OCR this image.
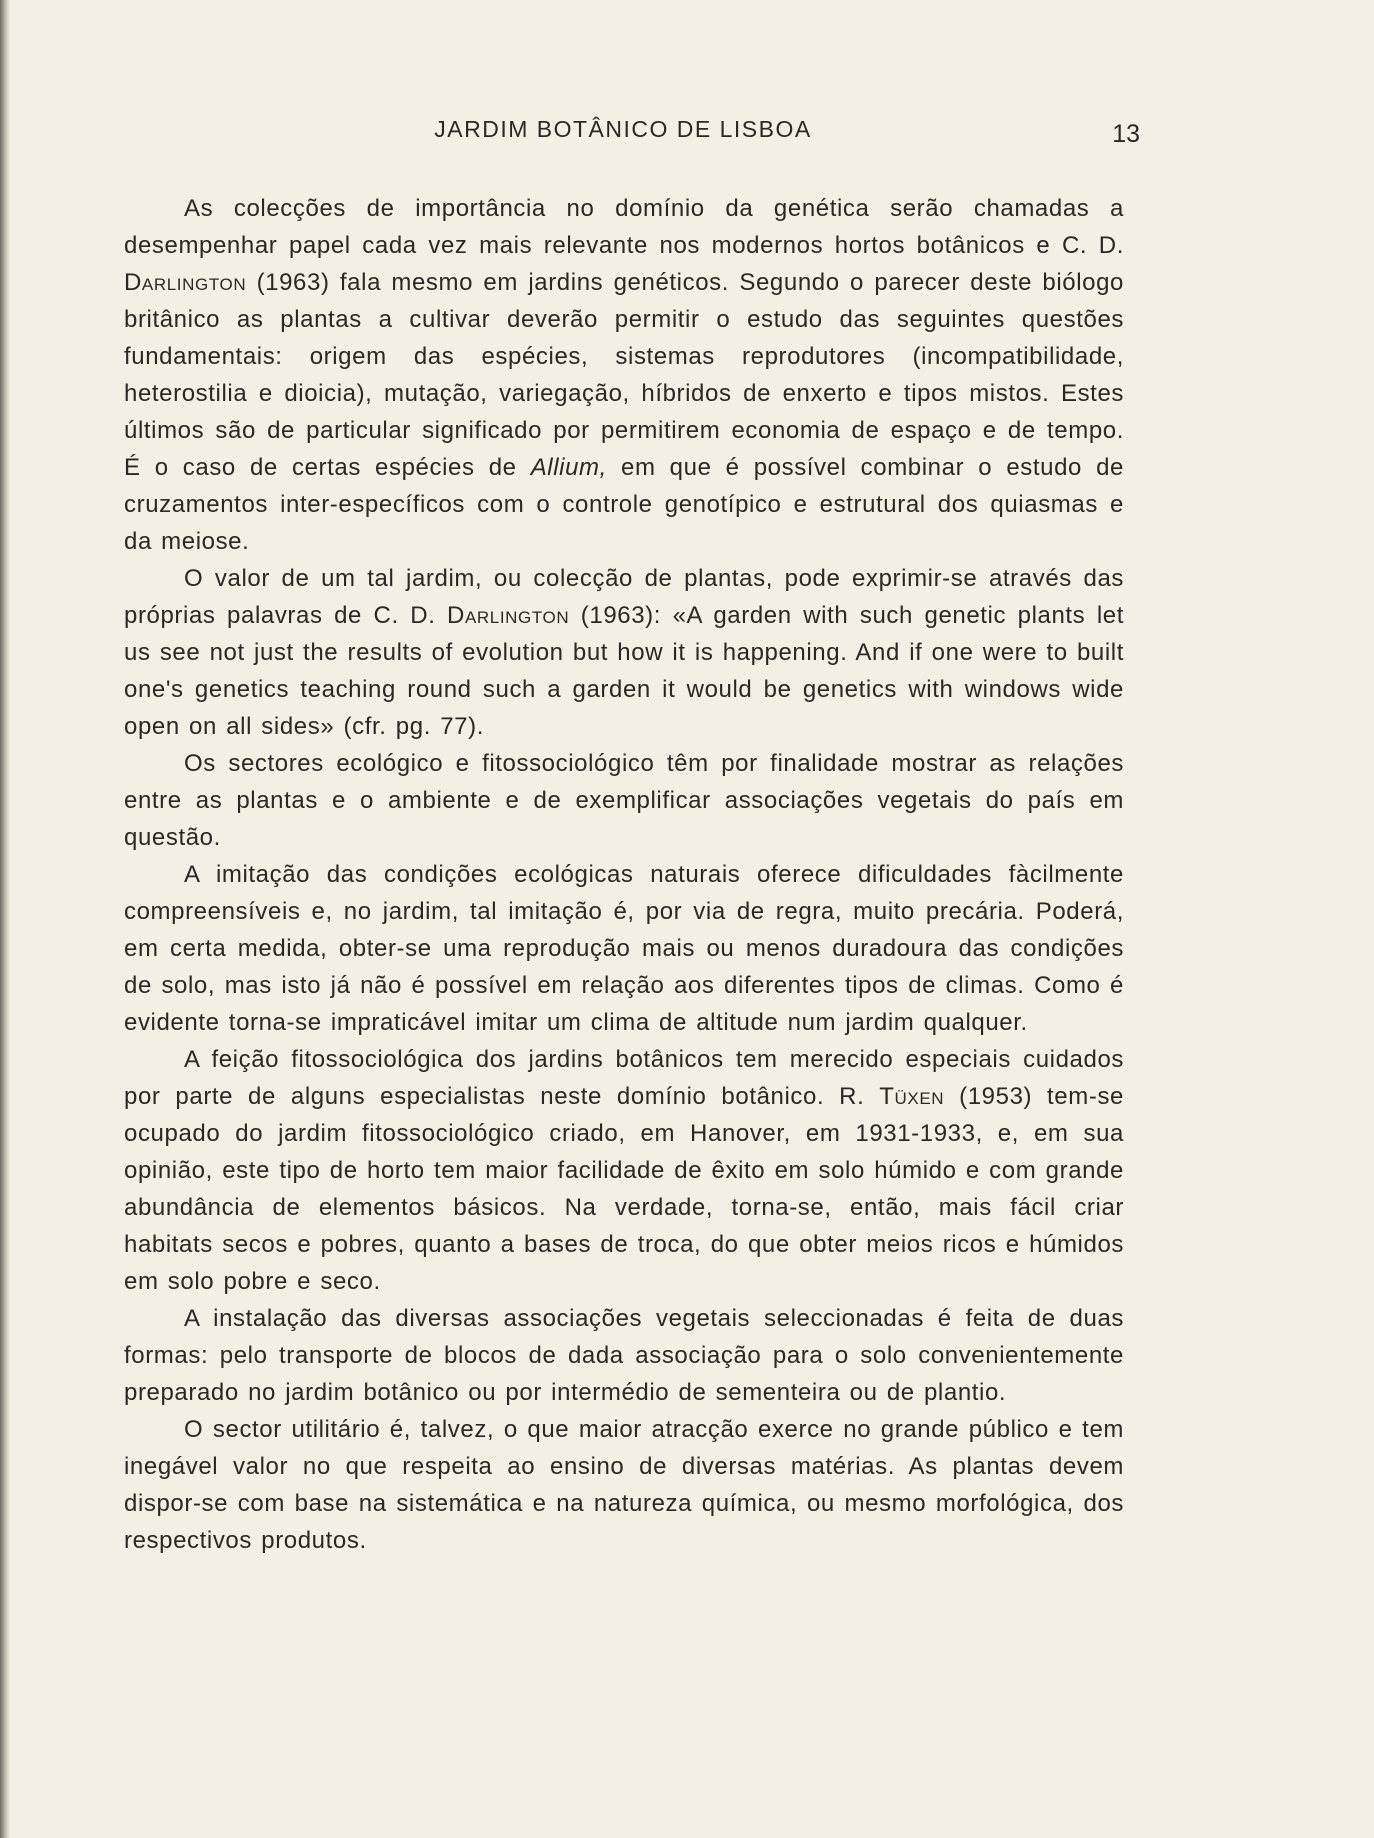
JARDIM BOTÂNICO DE LISBOA	13

As colecções de importância no domínio da genética serão chamadas a desempenhar papel cada vez mais relevante nos modernos hortos botânicos e C. D. Darlington (1963) fala mesmo em jardins genéticos. Segundo o parecer deste biólogo britânico as plantas a cultivar deverão permitir o estudo das seguintes questões fundamentais: origem das espécies, sistemas reprodutores (incompatibilidade, heterostilia e dioicia), mutação, variegação, híbridos de enxerto e tipos mistos. Estes últimos são de particular significado por permitirem economia de espaço e de tempo. É o caso de certas espécies de Allium, em que é possível combinar o estudo de cruzamentos inter-específicos com o controle genotípico e estrutural dos quiasmas e da meiose.

O valor de um tal jardim, ou colecção de plantas, pode exprimir-se através das próprias palavras de C. D. Darlington (1963): «A garden with such genetic plants let us see not just the results of evolution but how it is happening. And if one were to built one's genetics teaching round such a garden it would be genetics with windows wide open on all sides» (cfr. pg. 77).

Os sectores ecológico e fitossociológico têm por finalidade mostrar as relações entre as plantas e o ambiente e de exemplificar associações vegetais do país em questão.

A imitação das condições ecológicas naturais oferece dificuldades fàcilmente compreensíveis e, no jardim, tal imitação é, por via de regra, muito precária. Poderá, em certa medida, obter-se uma reprodução mais ou menos duradoura das condições de solo, mas isto já não é possível em relação aos diferentes tipos de climas. Como é evidente torna-se impraticável imitar um clima de altitude num jardim qualquer.

A feição fitossociológica dos jardins botânicos tem merecido especiais cuidados por parte de alguns especialistas neste domínio botânico. R. Tüxen (1953) tem-se ocupado do jardim fitossociológico criado, em Hanover, em 1931-1933, e, em sua opinião, este tipo de horto tem maior facilidade de êxito em solo húmido e com grande abundância de elementos básicos. Na verdade, torna-se, então, mais fácil criar habitats secos e pobres, quanto a bases de troca, do que obter meios ricos e húmidos em solo pobre e seco.

A instalação das diversas associações vegetais seleccionadas é feita de duas formas: pelo transporte de blocos de dada associação para o solo convenientemente preparado no jardim botânico ou por intermédio de sementeira ou de plantio.

O sector utilitário é, talvez, o que maior atracção exerce no grande público e tem inegável valor no que respeita ao ensino de diversas matérias. As plantas devem dispor-se com base na sistemática e na natureza química, ou mesmo morfológica, dos respectivos produtos.
